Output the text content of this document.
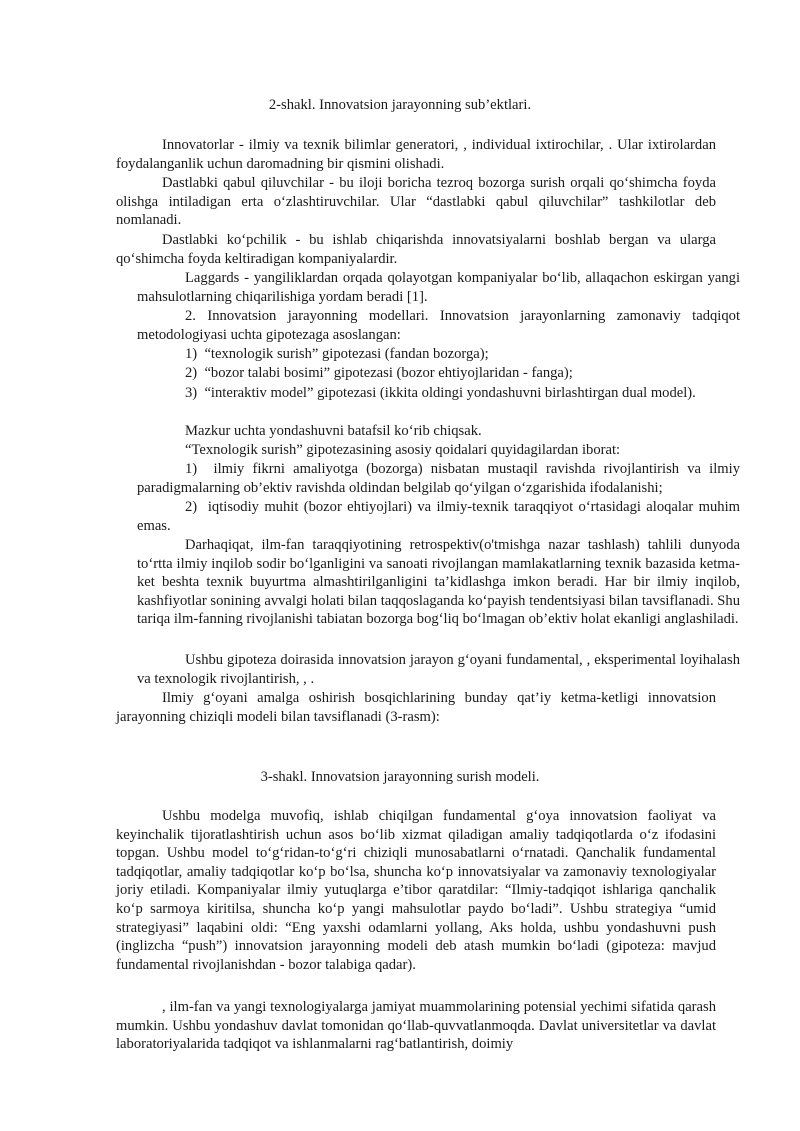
2-shakl. Innovatsion jarayonning sub’ektlari.

Innovatorlar - ilmiy va texnik bilimlar generatori, , individual ixtirochilar, . Ular ixtirolardan foydalanganlik uchun daromadning bir qismini olishadi.

Dastlabki qabul qiluvchilar - bu iloji boricha tezroq bozorga surish orqali qo‘shimcha foyda olishga intiladigan erta o‘zlashtiruvchilar. Ular “dastlabki qabul qiluvchilar” tashkilotlar deb nomlanadi.

Dastlabki ko‘pchilik - bu ishlab chiqarishda innovatsiyalarni boshlab bergan va ularga qo‘shimcha foyda keltiradigan kompaniyalardir.

Laggards - yangiliklardan orqada qolayotgan kompaniyalar bo‘lib, allaqachon eskirgan yangi mahsulotlarning chiqarilishiga yordam beradi [1].

2. Innovatsion jarayonning modellari. Innovatsion jarayonlarning zamonaviy tadqiqot metodologiyasi uchta gipotezaga asoslangan:

1)  “texnologik surish” gipotezasi (fandan bozorga);

2)  “bozor talabi bosimi” gipotezasi (bozor ehtiyojlaridan - fanga);

3)  “interaktiv model” gipotezasi (ikkita oldingi yondashuvni birlashtirgan dual model).

Mazkur uchta yondashuvni batafsil ko‘rib chiqsak.

“Texnologik surish” gipotezasining asosiy qoidalari quyidagilardan iborat:

1)  ilmiy fikrni amaliyotga (bozorga) nisbatan mustaqil ravishda rivojlantirish va ilmiy paradigmalarning ob’ektiv ravishda oldindan belgilab qo‘yilgan o‘zgarishida ifodalanishi;

2)  iqtisodiy muhit (bozor ehtiyojlari) va ilmiy-texnik taraqqiyot o‘rtasidagi aloqalar muhim emas.

Darhaqiqat, ilm-fan taraqqiyotining retrospektiv(o'tmishga nazar tashlash) tahlili dunyoda to‘rtta ilmiy inqilob sodir bo‘lganligini va sanoati rivojlangan mamlakatlarning texnik bazasida ketma-ket beshta texnik buyurtma almashtirilganligini ta’kidlashga imkon beradi. Har bir ilmiy inqilob, kashfiyotlar sonining avvalgi holati bilan taqqoslaganda ko‘payish tendentsiyasi bilan tavsiflanadi. Shu tariqa ilm-fanning rivojlanishi tabiatan bozorga bog‘liq bo‘lmagan ob’ektiv holat ekanligi anglashiladi.

Ushbu gipoteza doirasida innovatsion jarayon g‘oyani fundamental, , eksperimental loyihalash va texnologik rivojlantirish, , .

Ilmiy g‘oyani amalga oshirish bosqichlarining bunday qat’iy ketma-ketligi innovatsion jarayonning chiziqli modeli bilan tavsiflanadi (3-rasm):

3-shakl. Innovatsion jarayonning surish modeli.

Ushbu modelga muvofiq, ishlab chiqilgan fundamental g‘oya innovatsion faoliyat va keyinchalik tijoratlashtirish uchun asos bo‘lib xizmat qiladigan amaliy tadqiqotlarda o‘z ifodasini topgan. Ushbu model to‘g‘ridan-to‘g‘ri chiziqli munosabatlarni o‘rnatadi. Qanchalik fundamental tadqiqotlar, amaliy tadqiqotlar ko‘p bo‘lsa, shuncha ko‘p innovatsiyalar va zamonaviy texnologiyalar joriy etiladi. Kompaniyalar ilmiy yutuqlarga e’tibor qaratdilar: “Ilmiy-tadqiqot ishlariga qanchalik ko‘p sarmoya kiritilsa, shuncha ko‘p yangi mahsulotlar paydo bo‘ladi”. Ushbu strategiya “umid strategiyasi” laqabini oldi: “Eng yaxshi odamlarni yollang, Aks holda, ushbu yondashuvni push (inglizcha “push”) innovatsion jarayonning modeli deb atash mumkin bo‘ladi (gipoteza: mavjud fundamental rivojlanishdan - bozor talabiga qadar).

, ilm-fan va yangi texnologiyalarga jamiyat muammolarining potensial yechimi sifatida qarash mumkin. Ushbu yondashuv davlat tomonidan qo‘llab-quvvatlanmoqda. Davlat universitetlar va davlat laboratoriyalarida tadqiqot va ishlanmalarni rag‘batlantirish, doimiy
